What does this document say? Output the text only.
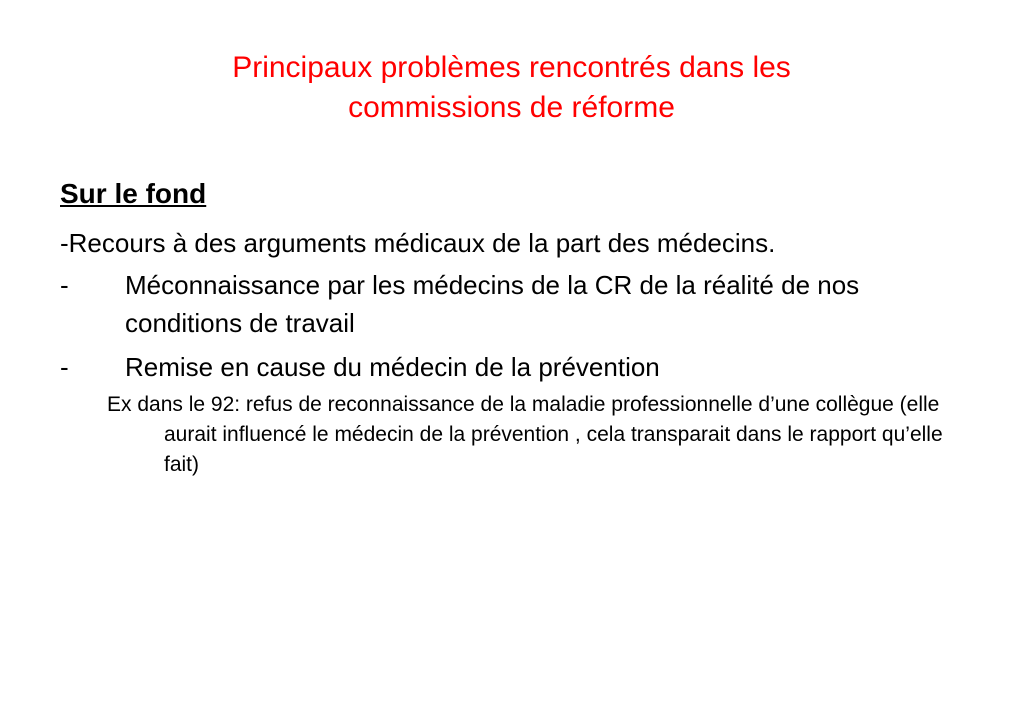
Principaux problèmes rencontrés dans les
commissions de réforme
Sur le fond
-Recours à des arguments médicaux de la part des médecins.
-	Méconnaissance par les médecins de la CR de la réalité de nos conditions de travail
-	Remise en cause du médecin de la prévention
Ex dans le 92: refus de reconnaissance de la maladie professionnelle d’une collègue (elle aurait influencé le médecin de la prévention , cela transparait dans le rapport qu’elle fait)
